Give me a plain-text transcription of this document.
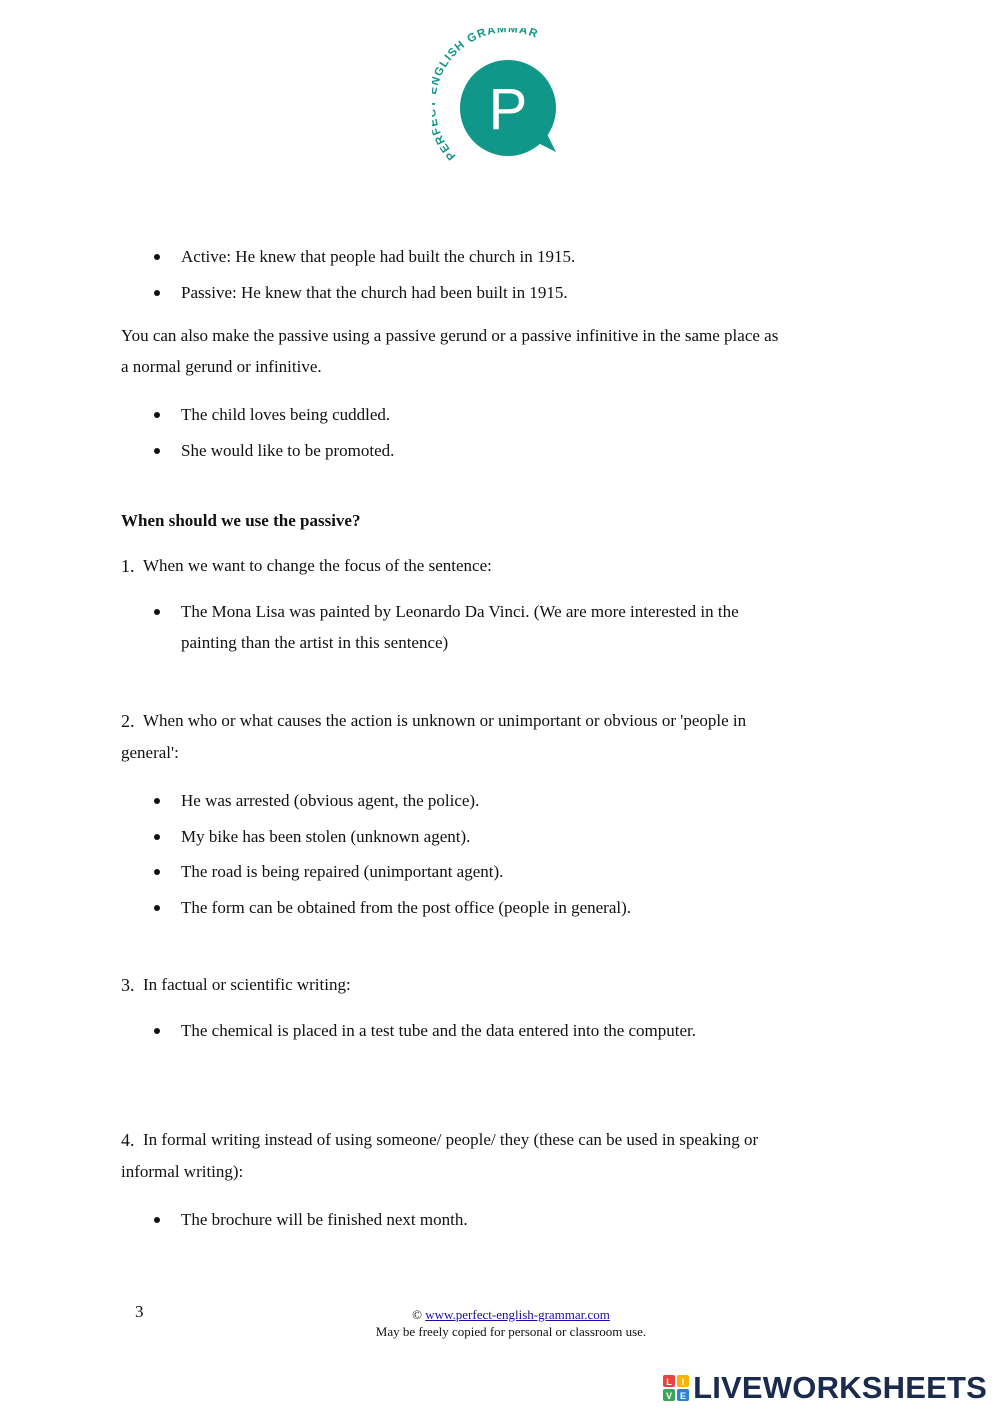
P
PER GLISH GRAMMAR
Active: He knew that people had built the church in 1915.
Passive: He knew that the church had been built in 1915.
You can also make the passive using a passive gerund or a passive infinitive in the same place as
a normal gerund or infinitive.
The child loves being cuddled.
She would like to be promoted.
When should we use the passive?
1. When we want to change the focus of the sentence:
The Mona Lisa was painted by Leonardo Da Vinci. (We are more interested in the
painting than the artist in this sentence)
2. When who or what causes the action is unknown or unimportant or obvious or 'people in
general':
He was arrested (obvious agent, the police).
My bike has been stolen (unknown agent).
The road is being repaired (unimportant agent).
The form can be obtained from the post office (people in general).
3. In factual or scientific writing:
The chemical is placed in a test tube and the data entered into the computer.
4. In formal writing instead of using someone/ people/ they (these can be used in speaking or
informal writing):
The brochure will be finished next month.
3	© www.perfect-english-grammar.com
May be freely copied for personal or classroom use.
L I
V E LIVEWORKSHEETS
